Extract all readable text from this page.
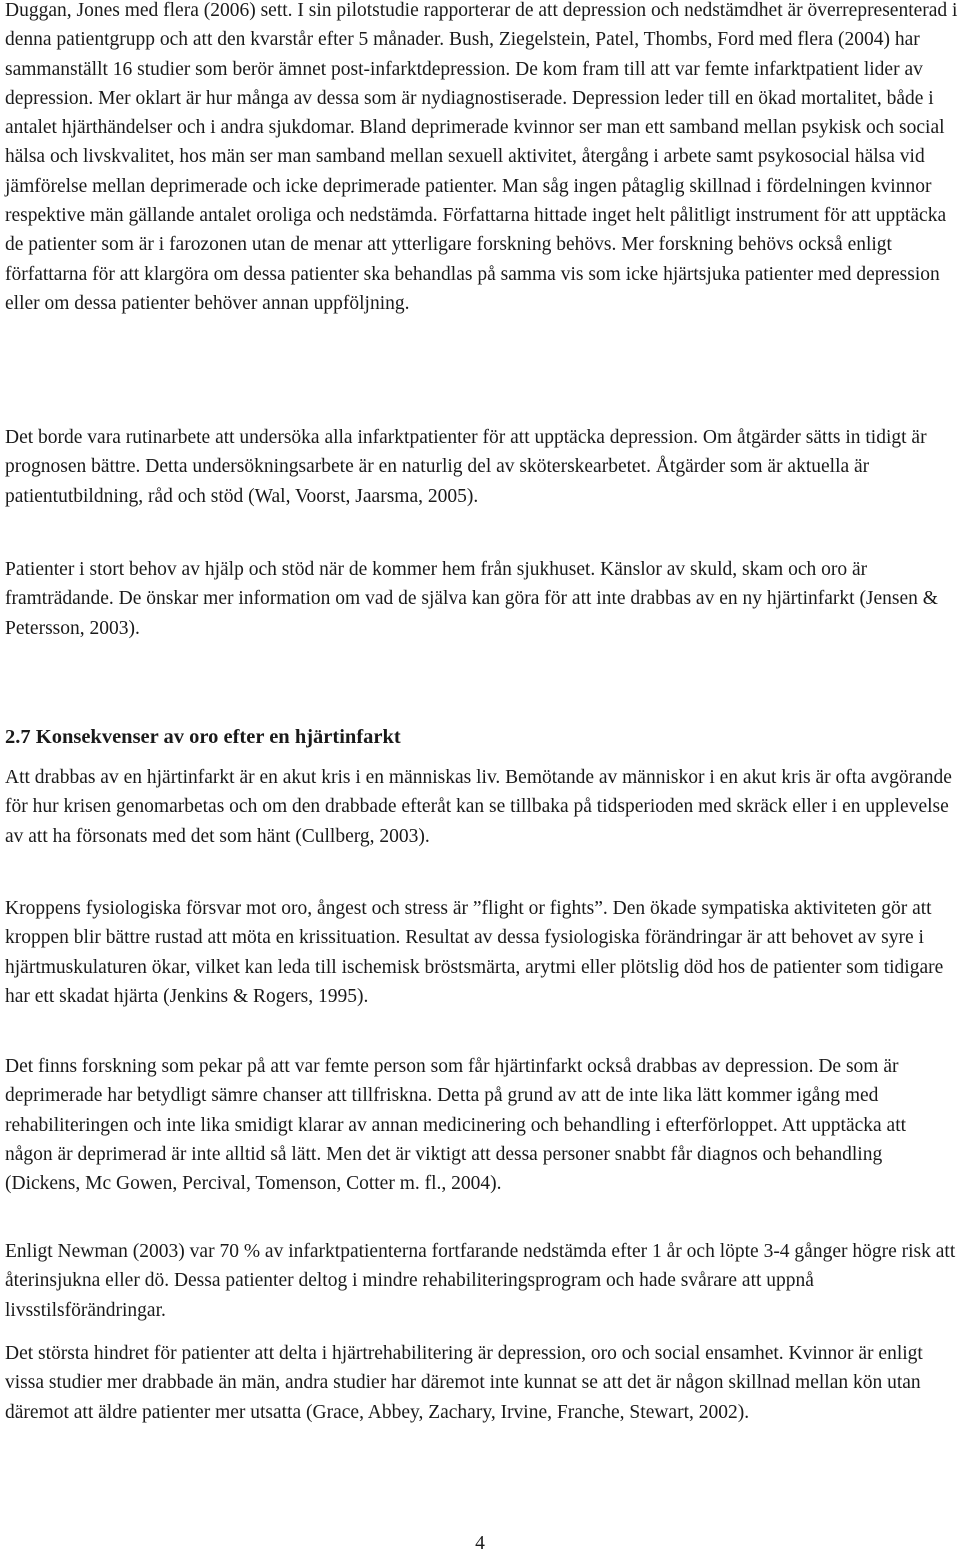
Duggan, Jones med flera (2006) sett. I sin pilotstudie rapporterar de att depression och nedstämdhet är överrepresenterad i denna patientgrupp och att den kvarstår efter 5 månader. Bush, Ziegelstein, Patel, Thombs, Ford med flera (2004) har sammanställt 16 studier som berör ämnet post-infarktdepression. De kom fram till att var femte infarktpatient lider av depression. Mer oklart är hur många av dessa som är nydiagnostiserade. Depression leder till en ökad mortalitet, både i antalet hjärthändelser och i andra sjukdomar. Bland deprimerade kvinnor ser man ett samband mellan psykisk och social hälsa och livskvalitet, hos män ser man samband mellan sexuell aktivitet, återgång i arbete samt psykosocial hälsa vid jämförelse mellan deprimerade och icke deprimerade patienter. Man såg ingen påtaglig skillnad i fördelningen kvinnor respektive män gällande antalet oroliga och nedstämda. Författarna hittade inget helt pålitligt instrument för att upptäcka de patienter som är i farozonen utan de menar att ytterligare forskning behövs. Mer forskning behövs också enligt författarna för att klargöra om dessa patienter ska behandlas på samma vis som icke hjärtsjuka patienter med depression eller om dessa patienter behöver annan uppföljning.

Det borde vara rutinarbete att undersöka alla infarktpatienter för att upptäcka depression. Om åtgärder sätts in tidigt är prognosen bättre. Detta undersökningsarbete är en naturlig del av sköterskearbetet. Åtgärder som är aktuella är patientutbildning, råd och stöd (Wal, Voorst, Jaarsma, 2005).

Patienter i stort behov av hjälp och stöd när de kommer hem från sjukhuset. Känslor av skuld, skam och oro är framträdande. De önskar mer information om vad de själva kan göra för att inte drabbas av en ny hjärtinfarkt (Jensen & Petersson, 2003).

2.7 Konsekvenser av oro efter en hjärtinfarkt

Att drabbas av en hjärtinfarkt är en akut kris i en människas liv. Bemötande av människor i en akut kris är ofta avgörande för hur krisen genomarbetas och om den drabbade efteråt kan se tillbaka på tidsperioden med skräck eller i en upplevelse av att ha försonats med det som hänt (Cullberg, 2003).

Kroppens fysiologiska försvar mot oro, ångest och stress är ”flight or fights”. Den ökade sympatiska aktiviteten gör att kroppen blir bättre rustad att möta en krissituation. Resultat av dessa fysiologiska förändringar är att behovet av syre i hjärtmuskulaturen ökar, vilket kan leda till ischemisk bröstsmärta, arytmi eller plötslig död hos de patienter som tidigare har ett skadat hjärta (Jenkins & Rogers, 1995).

Det finns forskning som pekar på att var femte person som får hjärtinfarkt också drabbas av depression. De som är deprimerade har betydligt sämre chanser att tillfriskna. Detta på grund av att de inte lika lätt kommer igång med rehabiliteringen och inte lika smidigt klarar av annan medicinering och behandling i efterförloppet. Att upptäcka att någon är deprimerad är inte alltid så lätt. Men det är viktigt att dessa personer snabbt får diagnos och behandling (Dickens, Mc Gowen, Percival, Tomenson, Cotter m. fl., 2004).

Enligt Newman (2003) var 70 % av infarktpatienterna fortfarande nedstämda efter 1 år och löpte 3-4 gånger högre risk att återinsjukna eller dö. Dessa patienter deltog i mindre rehabiliteringsprogram och hade svårare att uppnå livsstilsförändringar.

Det största hindret för patienter att delta i hjärtrehabilitering är depression, oro och social ensamhet. Kvinnor är enligt vissa studier mer drabbade än män, andra studier har däremot inte kunnat se att det är någon skillnad mellan kön utan däremot att äldre patienter mer utsatta (Grace, Abbey, Zachary, Irvine, Franche, Stewart, 2002).

4
